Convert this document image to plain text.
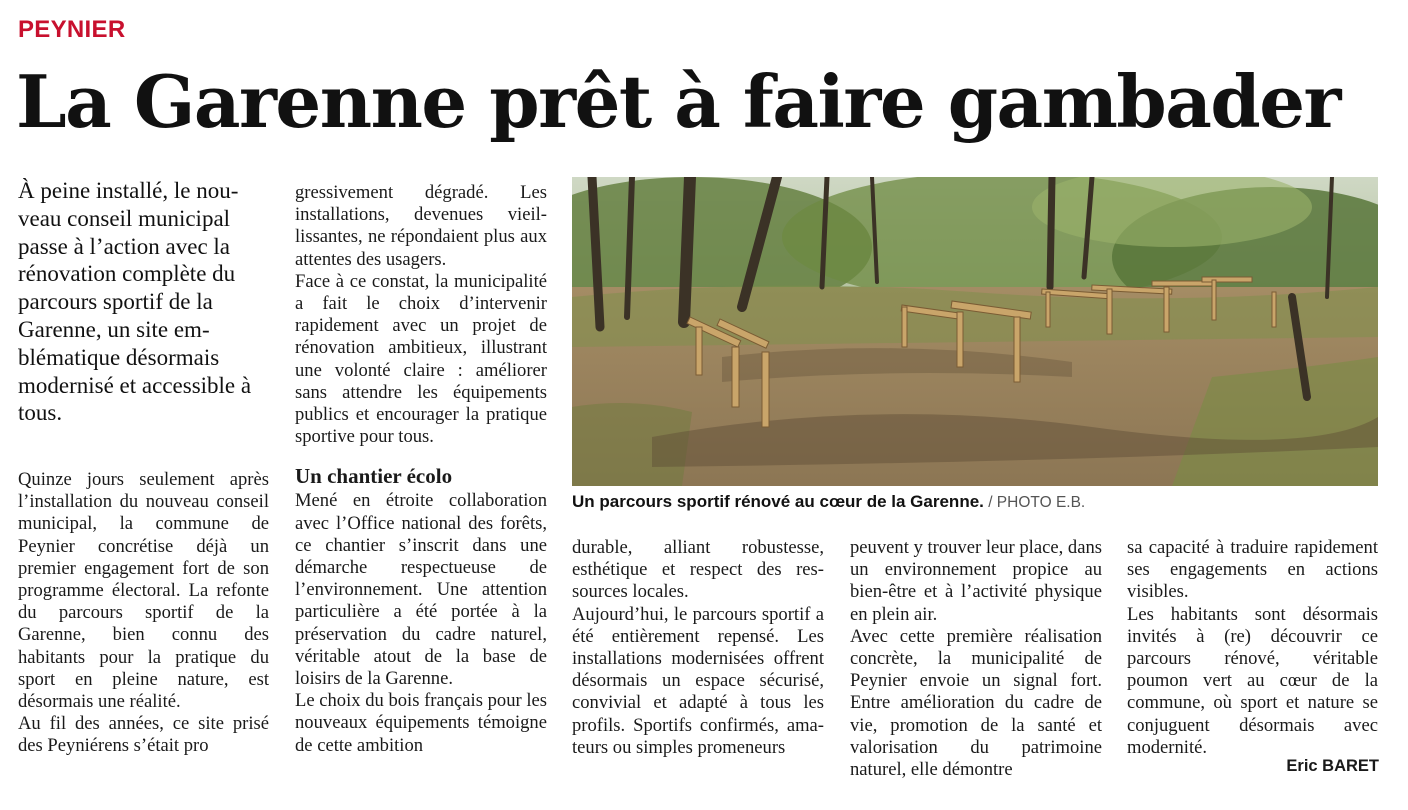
PEYNIER
La Garenne prêt à faire gambader

À peine installé, le nouveau conseil municipal passe à l’action avec la rénovation complète du parcours sportif de la Garenne, un site emblématique désormais modernisé et accessible à tous.

Quinze jours seulement après l’installation du nouveau conseil municipal, la commune de Peynier concrétise déjà un premier engagement fort de son programme électoral. La refonte du parcours sportif de la Garenne, bien connu des habitants pour la pratique du sport en pleine nature, est désormais une réalité.

Au fil des années, ce site prisé des Peyniérens s’était pro

gressivement dégradé. Les installations, devenues vieillissantes, ne répondaient plus aux attentes des usagers.

Face à ce constat, la municipalité a fait le choix d’intervenir rapidement avec un projet de rénovation ambitieux, illustrant une volonté claire : améliorer sans attendre les équipements publics et encourager la pratique sportive pour tous.

Un chantier écolo

Mené en étroite collaboration avec l’Office national des forêts, ce chantier s’inscrit dans une démarche respectueuse de l’environnement. Une attention particulière a été portée à la préservation du cadre naturel, véritable atout de la base de loisirs de la Garenne.

Le choix du bois français pour les nouveaux équipements témoigne de cette ambition

Un parcours sportif rénové au cœur de la Garenne. / PHOTO E.B.

durable, alliant robustesse, esthétique et respect des ressources locales.

Aujourd’hui, le parcours sportif a été entièrement repensé. Les installations modernisées offrent désormais un espace sécurisé, convivial et adapté à tous les profils. Sportifs confirmés, amateurs ou simples promeneurs

peuvent y trouver leur place, dans un environnement propice au bien-être et à l’activité physique en plein air.

Avec cette première réalisation concrète, la municipalité de Peynier envoie un signal fort. Entre amélioration du cadre de vie, promotion de la santé et valorisation du patrimoine naturel, elle démontre

sa capacité à traduire rapidement ses engagements en actions visibles.

Les habitants sont désormais invités à (re) découvrir ce parcours rénové, véritable poumon vert au cœur de la commune, où sport et nature se conjuguent désormais avec modernité.

Eric BARET
